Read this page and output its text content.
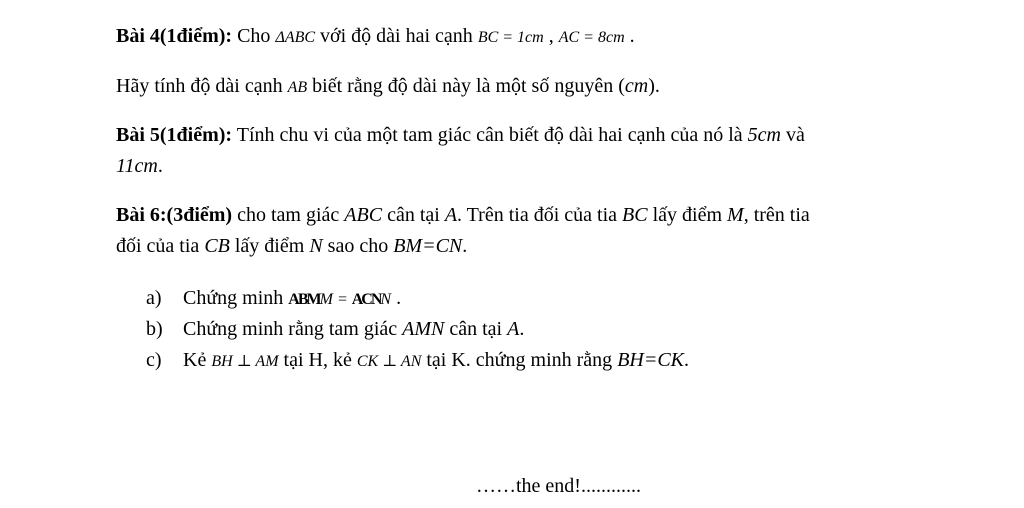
Bài 4(1điểm): Cho ΔABC với độ dài hai cạnh BC = 1cm , AC = 8cm .
Hãy tính độ dài cạnh AB biết rằng độ dài này là một số nguyên (cm).
Bài 5(1điểm): Tính chu vi của một tam giác cân biết độ dài hai cạnh của nó là 5cm và
11cm.
Bài 6:(3điểm) cho tam giác ABC cân tại A. Trên tia đối của tia BC lấy điểm M, trên tia
đối của tia CB lấy điểm N sao cho BM=CN.
a) Chứng minh ABMM = ACNN .
b) Chứng minh rằng tam giác AMN cân tại A.
c) Kẻ BH ⊥ AM tại H, kẻ CK ⊥ AN tại K. chứng minh rằng BH=CK.
……the end!............
